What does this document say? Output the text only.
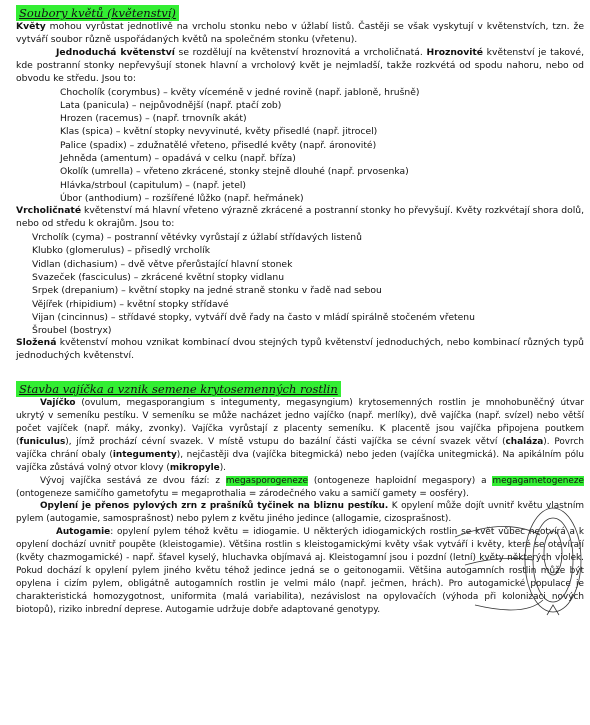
Soubory květů (květenství)

Květy mohou vyrůstat jednotlivě na vrcholu stonku nebo v úžlabí listů. Častěji se však vyskytují v květenstvích, tzn. že vytváří soubor různě uspořádaných květů na společném stonku (vřetenu).

Jednoduchá květenství se rozdělují na květenství hroznovitá a vrcholičnatá. Hroznovité květenství je takové, kde postranní stonky nepřevyšují stonek hlavní a vrcholový květ je nejmladší, takže rozkvétá od spodu nahoru, nebo od obvodu ke středu. Jsou to:

Chocholík (corymbus) – květy víceméně v jedné rovině (např. jabloně, hrušně)
Lata (panicula) – nejpůvodnější (např. ptačí zob)
Hrozen (racemus) – (např. trnovník akát)
Klas (spica) – květní stopky nevyvinuté, květy přisedlé (např. jitrocel)
Palice (spadix) – zdužnatělé vřeteno, přisedlé květy (např. áronovité)
Jehněda (amentum) – opadává v celku (např. bříza)
Okolík (umrella) – vřeteno zkrácené, stonky stejně dlouhé (např. prvosenka)
Hlávka/strboul (capitulum) – (např. jetel)
Úbor (anthodium) – rozšířené lůžko (např. heřmánek)

Vrcholičnaté květenství má hlavní vřeteno výrazně zkrácené a postranní stonky ho převyšují. Květy rozkvétají shora dolů, nebo od středu k okrajům. Jsou to:

Vrcholík (cyma) – postranní větévky vyrůstají z úžlabí střídavých listenů
Klubko (glomerulus) – přisedlý vrcholík
Vidlan (dichasium) – dvě větve přerůstající hlavní stonek
Svazeček (fasciculus) – zkrácené květní stopky vidlanu
Srpek (drepanium) – květní stopky na jedné straně stonku v řadě nad sebou
Vějířek (rhipidium) – květní stopky střídavé
Vijan (cincinnus) – střídavé stopky, vytváří dvě řady na často v mládí spirálně stočeném vřetenu
Šroubel (bostryx)

Složená květenství mohou vznikat kombinací dvou stejných typů květenství jednoduchých, nebo kombinací různých typů jednoduchých květenství.

Stavba vajíčka a vznik semene krytosemenných rostlin

Vajíčko (ovulum, megasporangium s integumenty, megasyngium) krytosemenných rostlin je mnohobuněčný útvar ukrytý v semeníku pestíku. V semeníku se může nacházet jedno vajíčko (např. merlíky), dvě vajíčka (např. svízel) nebo větší počet vajíček (např. máky, zvonky). Vajíčka vyrůstají z placenty semeníku. K placentě jsou vajíčka připojena poutkem (funiculus), jímž prochází cévní svazek. V místě vstupu do bazální části vajíčka se cévní svazek větví (chaláza). Povrch vajíčka chrání obaly (integumenty), nejčastěji dva (vajíčka bitegmická) nebo jeden (vajíčka unitegmická). Na apikálním pólu vajíčka zůstává volný otvor klovy (mikropyle).

Vývoj vajíčka sestává ze dvou fází: z megasporogeneze (ontogeneze haploidní megaspory) a megagametogeneze (ontogeneze samičího gametofytu = megaprothalia = zárodečného vaku a samičí gamety = oosféry).

Opylení je přenos pylových zrn z prašníků tyčinek na bliznu pestíku. K opylení může dojít uvnitř květu vlastním pylem (autogamie, samosprašnost) nebo pylem z květu jiného jedince (allogamie, cizosprašnost).

Autogamie: opylení pylem téhož květu = idiogamie. U některých idiogamických rostlin se květ vůbec neotvírá a k opylení dochází uvnitř poupěte (kleistogamie). Většina rostlin s kleistogamickými květy však vytváří i květy, které se otevírají (květy chazmogamické) - např. šťavel kyselý, hluchavka objímavá aj. Kleistogamní jsou i pozdní (letní) květy některých violek. Pokud dochází k opylení pylem jiného květu téhož jedince jedná se o geitonogamii. Většina autogamních rostlin může být opylena i cizím pylem, obligátně autogamních rostlin je velmi málo (např. ječmen, hrách). Pro autogamické populace je charakteristická homozygotnost, uniformita (malá variabilita), nezávislost na opylovačích (výhoda při kolonizaci nových biotopů), riziko inbrední deprese. Autogamie udržuje dobře adaptované genotypy.
